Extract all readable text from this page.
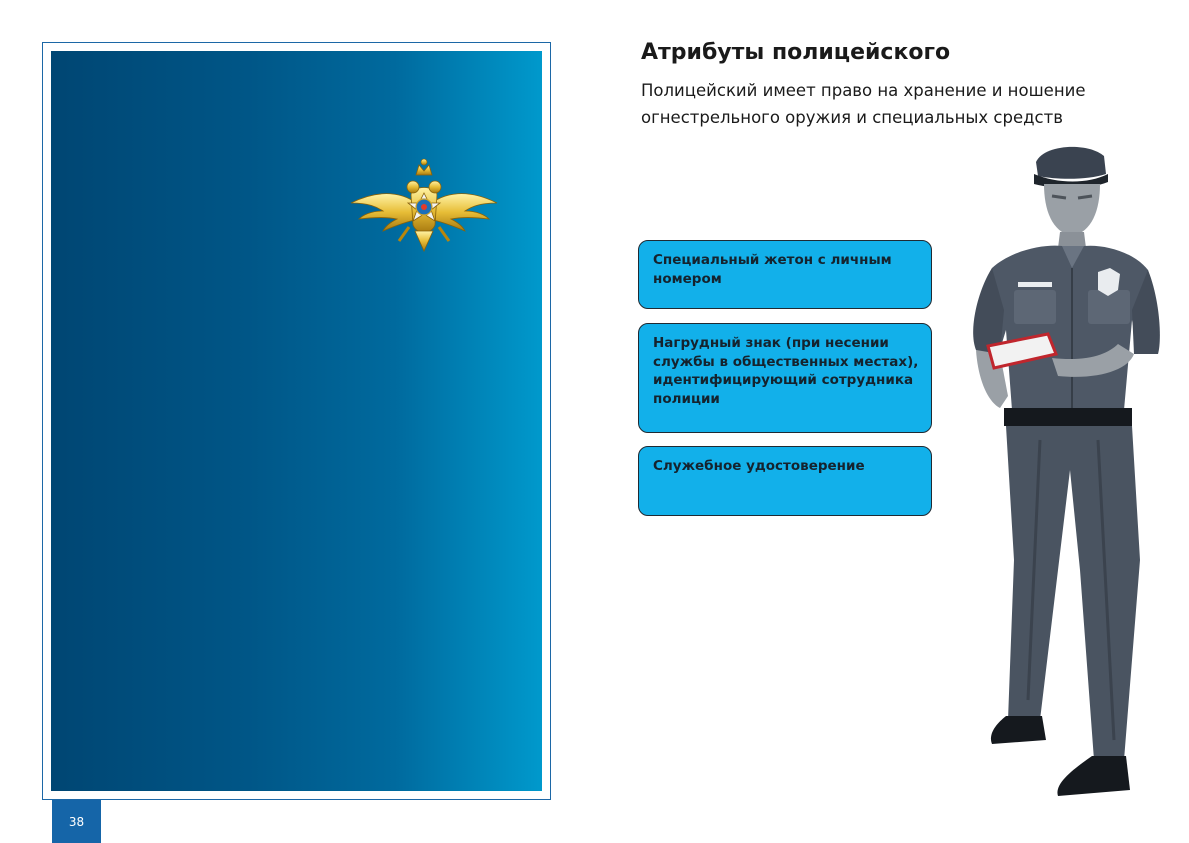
38
Атрибуты полицейского

Полицейский имеет право на хранение и ношение
огнестрельного оружия и специальных средств

Специальный жетон с личным
номером
Нагрудный знак (при несении
службы в общественных местах),
идентифицирующий сотрудника
полиции
Служебное удостоверение
